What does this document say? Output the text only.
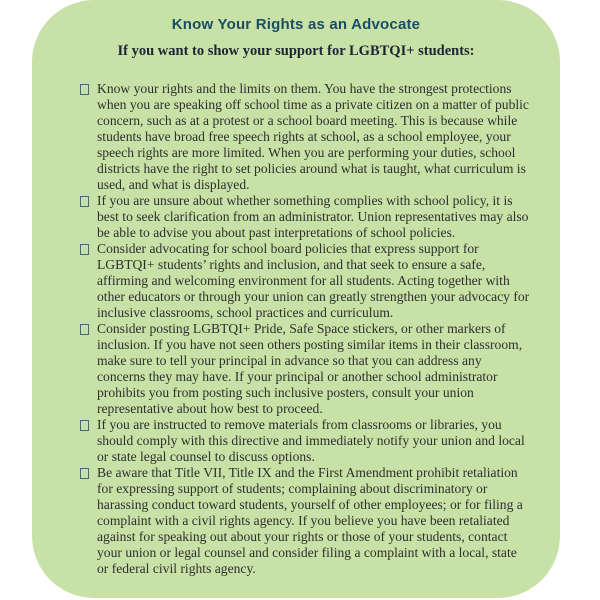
Know Your Rights as an Advocate
If you want to show your support for LGBTQI+ students:
Know your rights and the limits on them. You have the strongest protections when you are speaking off school time as a private citizen on a matter of public concern, such as at a protest or a school board meeting. This is because while students have broad free speech rights at school, as a school employee, your speech rights are more limited. When you are performing your duties, school districts have the right to set policies around what is taught, what curriculum is used, and what is displayed.
If you are unsure about whether something complies with school policy, it is best to seek clarification from an administrator. Union representatives may also be able to advise you about past interpretations of school policies.
Consider advocating for school board policies that express support for LGBTQI+ students’ rights and inclusion, and that seek to ensure a safe, affirming and welcoming environment for all students. Acting together with other educators or through your union can greatly strengthen your advocacy for inclusive classrooms, school practices and curriculum.
Consider posting LGBTQI+ Pride, Safe Space stickers, or other markers of inclusion. If you have not seen others posting similar items in their classroom, make sure to tell your principal in advance so that you can address any concerns they may have. If your principal or another school administrator prohibits you from posting such inclusive posters, consult your union representative about how best to proceed.
If you are instructed to remove materials from classrooms or libraries, you should comply with this directive and immediately notify your union and local or state legal counsel to discuss options.
Be aware that Title VII, Title IX and the First Amendment prohibit retaliation for expressing support of students; complaining about discriminatory or harassing conduct toward students, yourself of other employees; or for filing a complaint with a civil rights agency. If you believe you have been retaliated against for speaking out about your rights or those of your students, contact your union or legal counsel and consider filing a complaint with a local, state or federal civil rights agency.
